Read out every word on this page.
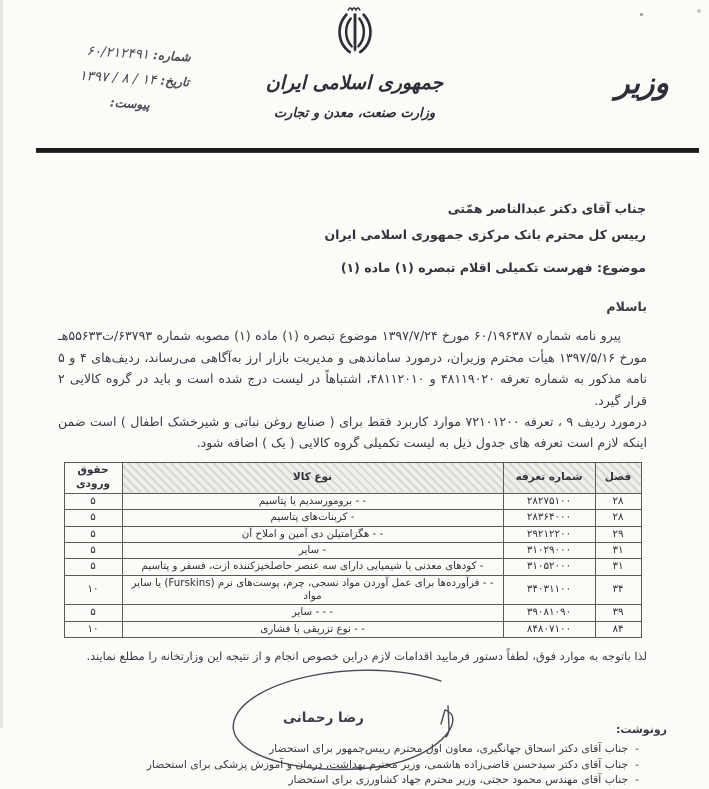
جمهوری اسلامی ایران
وزارت صنعت، معدن و تجارت
وزير
شماره: ۶۰/۲۱۲۴۹۱
تاريخ: ۱۴ / ۸ / ۱۳۹۷
پيوست:
جناب آقای دکتر عبدالناصر همّتی
رییس کل محترم بانک مرکزی جمهوری اسلامی ایران
موضوع: فهرست تکمیلی اقلام تبصره (۱) ماده (۱)
باسلام

پیرو نامه شماره ۶۰/۱۹۶۳۸۷ مورخ ۱۳۹۷/۷/۲۴ موضوع تبصره (۱) ماده (۱) مصوبه شماره ۶۳۷۹۳/ت۵۵۶۳۳هـ مورخ ۱۳۹۷/۵/۱۶ هیأت محترم وزیران، درمورد ساماندهی و مدیریت بازار ارز به‌آگاهی می‌رساند، ردیف‌های ۴ و ۵ نامه مذکور به شماره تعرفه ۴۸۱۱۹۰۲۰ و ۴۸۱۱۲۰۱۰، اشتباهاً در لیست درج شده است و باید در گروه کالایی ۲ قرار گیرد.

درمورد ردیف ۹ ، تعرفه ۷۲۱۰۱۲۰۰ موارد کاربرد فقط برای ( صنایع روغن نباتی و شیرخشک اطفال ) است ضمن اینکه لازم است تعرفه های جدول ذیل به لیست تکمیلی گروه کالایی ( یک ) اضافه شود.

فصل	شماره تعرفه	نوع کالا	حقوق ورودی
۲۸	۲۸۲۷۵۱۰۰	- - برومورسدیم یا پتاسیم	۵
۲۸	۲۸۳۶۴۰۰۰	- کربنات‌های پتاسیم	۵
۲۹	۲۹۲۱۲۲۰۰	- - هگزامتیلن دی آمین و املاح آن	۵
۳۱	۳۱۰۲۹۰۰۰	- سایر	۵
۳۱	۳۱۰۵۲۰۰۰	- کودهای معدنی یا شیمیایی دارای سه عنصر حاصلخیزکننده ازت، فسفر و پتاسیم	۵
۳۴	۳۴۰۳۱۱۰۰	- - فرآورده‌ها برای عمل آوردن مواد نسجی، چرم، پوست‌های نرم (Furskins) یا سایر مواد	۱۰
۳۹	۳۹۰۸۱۰۹۰	- - - سایر	۵
۸۴	۸۴۸۰۷۱۰۰	- - نوع تزریقی یا فشاری	۱۰
لذا باتوجه به موارد فوق، لطفاً دستور فرمایید اقدامات لازم دراین خصوص انجام و از نتیجه این وزارتخانه را مطلع نمایند.
رضا رحمانی
رونوشت:
-جناب آقای دکتر اسحاق جهانگیری، معاون اول محترم رییس‌جمهور برای استحضار
-جناب آقای دکتر سیدحسن قاضی‌زاده هاشمی، وزیر محترم بهداشت، درمان و آموزش پزشکی برای استحضار
-جناب آقای مهندس محمود حجتی، وزیر محترم جهاد کشاورزی برای استحضار
